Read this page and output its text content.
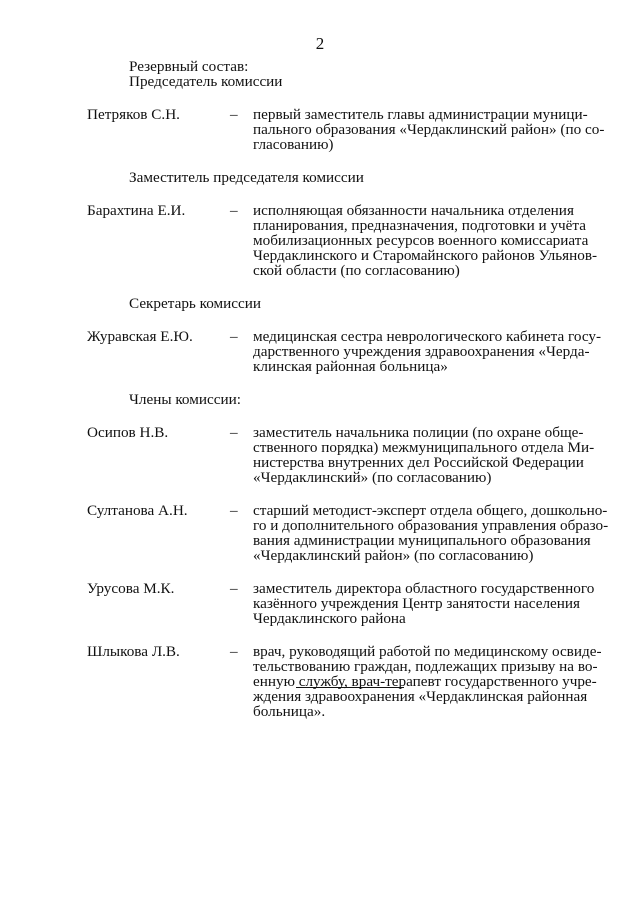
2
Резервный состав:
Председатель комиссии
Петряков С.Н.	–	первый заместитель главы администрации муници-
пального образования «Чердаклинский район» (по со-
гласованию)
Заместитель председателя комиссии
Барахтина Е.И.	–	исполняющая обязанности начальника отделения
планирования, предназначения, подготовки и учёта
мобилизационных ресурсов военного комиссариата
Чердаклинского и Старомайнского районов Ульянов-
ской области (по согласованию)
Секретарь комиссии
Журавская Е.Ю.	–	медицинская сестра неврологического кабинета госу-
дарственного учреждения здравоохранения «Черда-
клинская районная больница»
Члены комиссии:
Осипов Н.В.	–	заместитель начальника полиции (по охране обще-
ственного порядка) межмуниципального отдела Ми-
нистерства внутренних дел Российской Федерации
«Чердаклинский» (по согласованию)
Султанова А.Н.	–	старший методист-эксперт отдела общего, дошкольно-
го и дополнительного образования управления образо-
вания администрации муниципального образования
«Чердаклинский район» (по согласованию)
Урусова М.К.	–	заместитель директора областного государственного
казённого учреждения Центр занятости населения
Чердаклинского района
Шлыкова Л.В.	–	врач, руководящий работой по медицинскому освиде-
тельствованию граждан, подлежащих призыву на во-
енную службу, врач-терапевт государственного учре-
ждения здравоохранения «Чердаклинская районная
больница».
